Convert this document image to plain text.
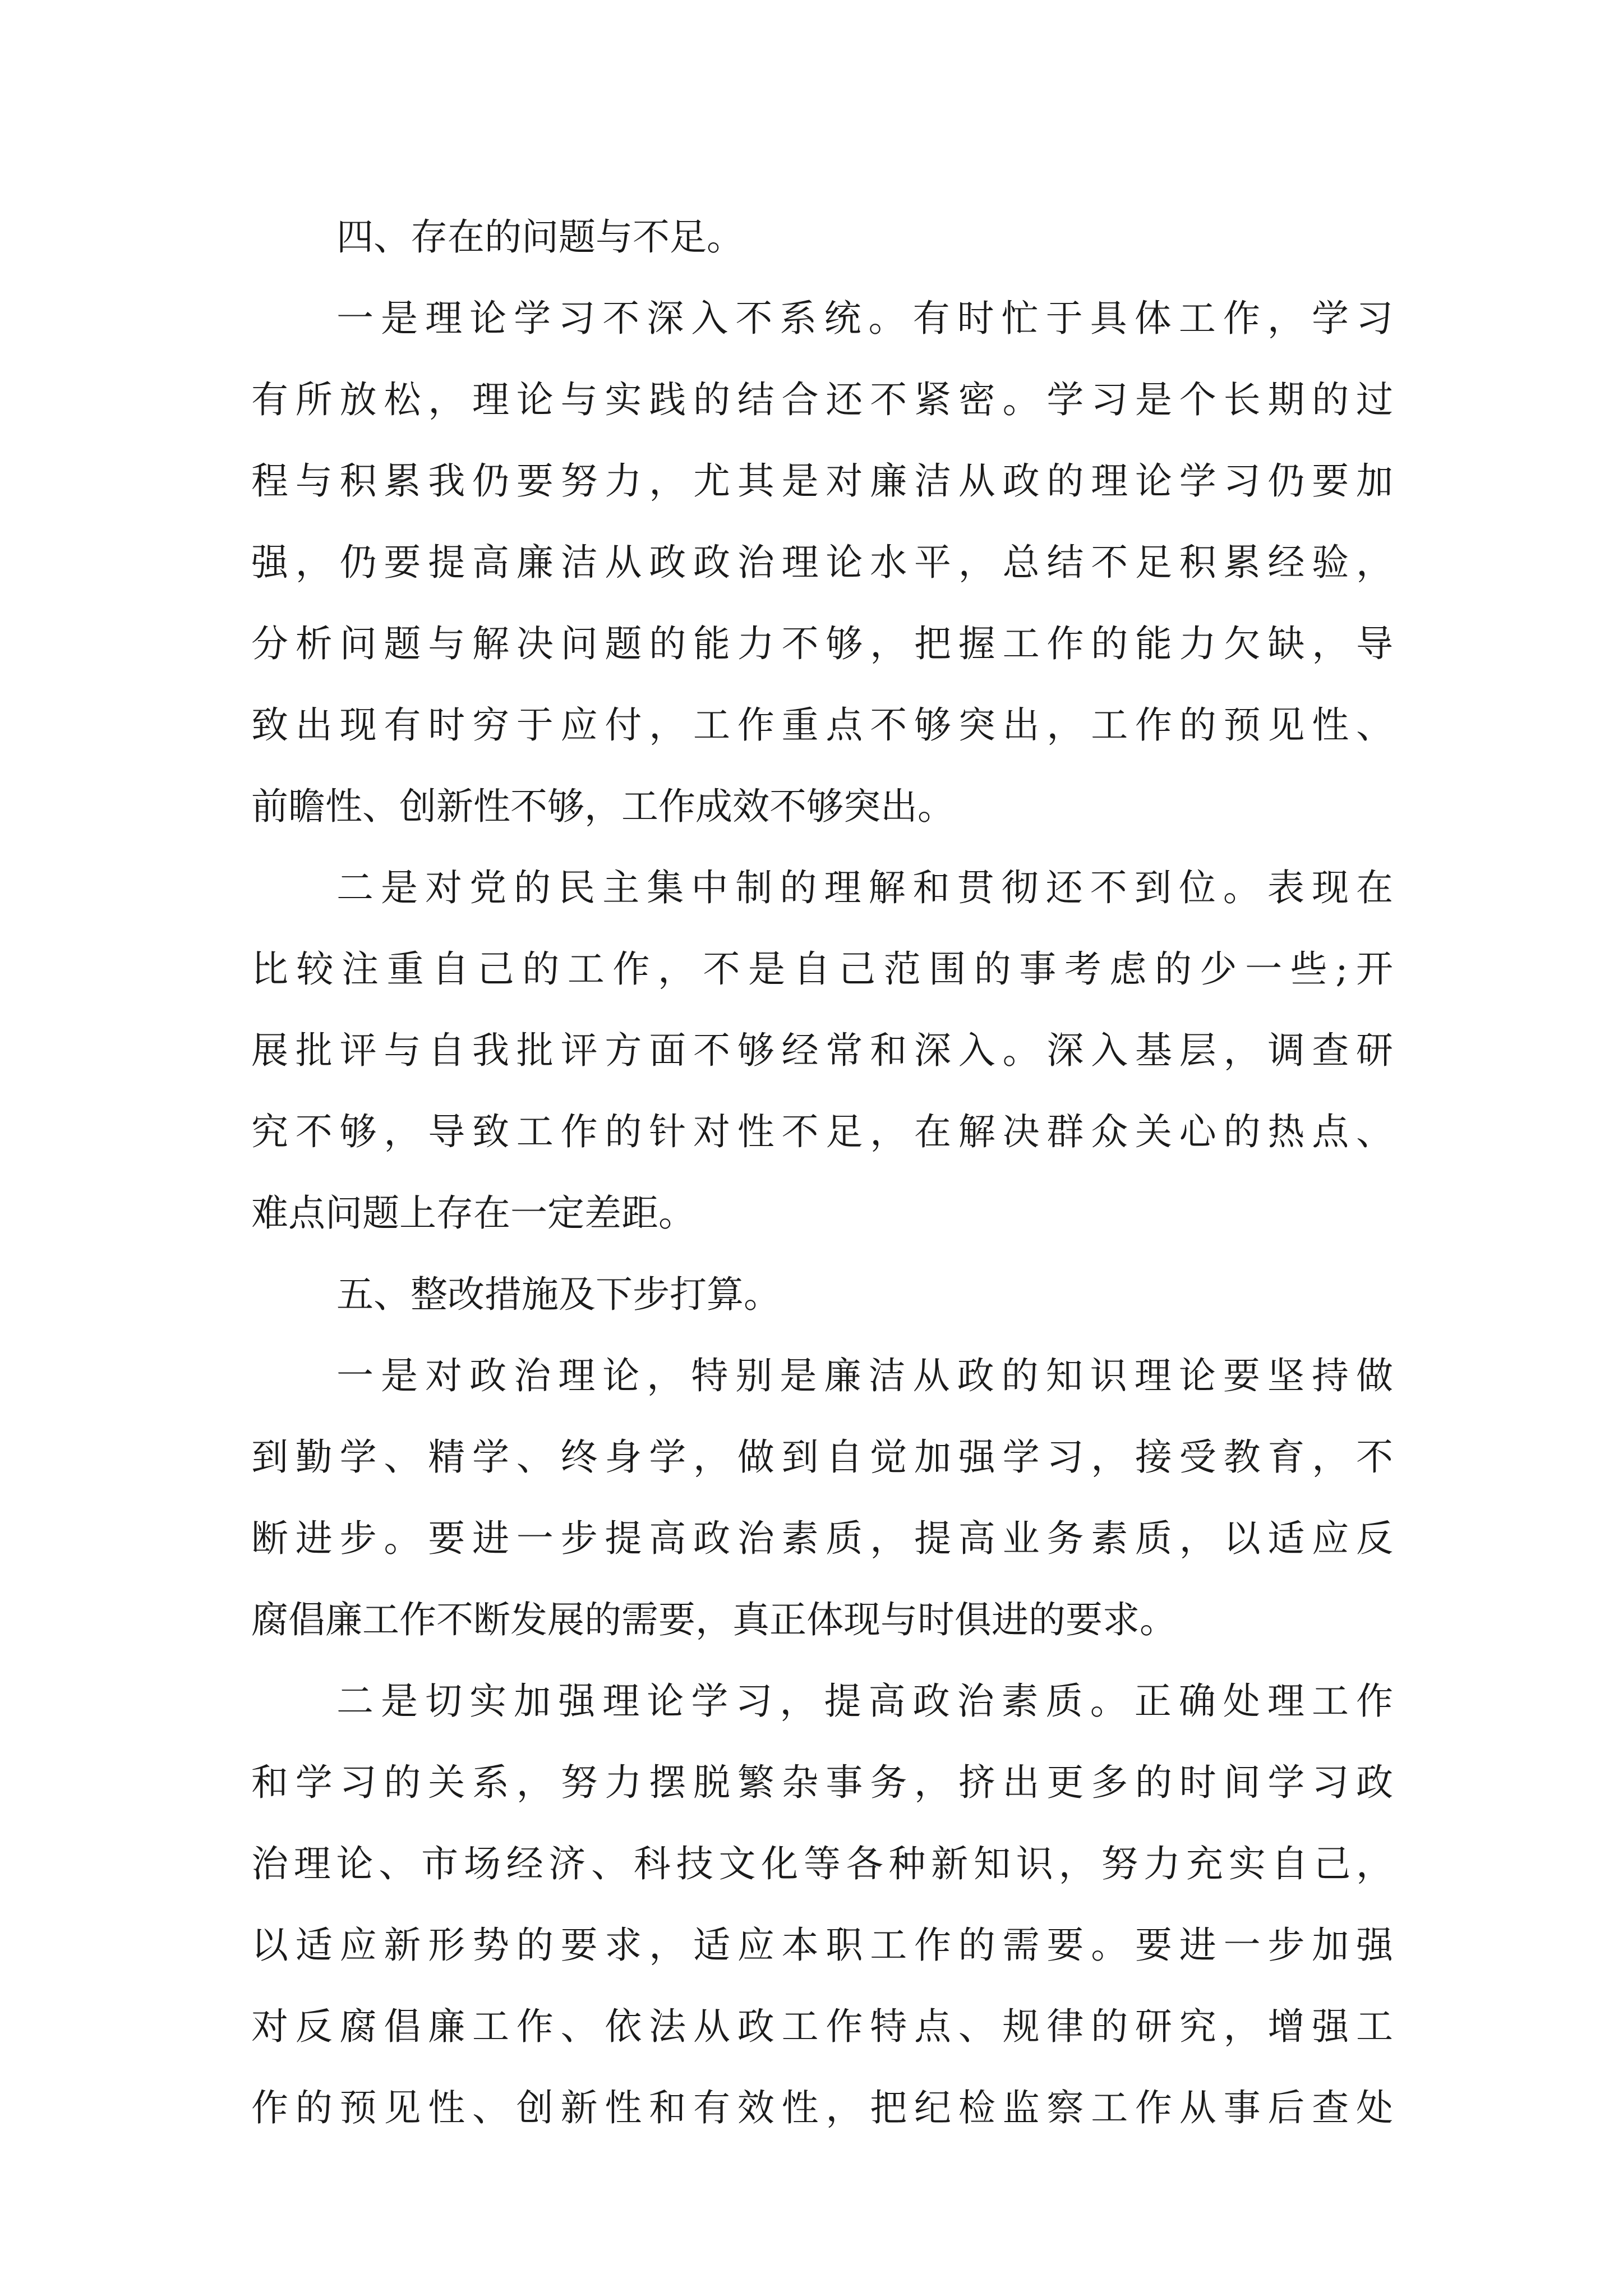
四、存在的问题与不足。

一是理论学习不深入不系统。有时忙于具体工作，学习

有所放松，理论与实践的结合还不紧密。学习是个长期的过

程与积累我仍要努力，尤其是对廉洁从政的理论学习仍要加

强，仍要提高廉洁从政政治理论水平，总结不足积累经验，

分析问题与解决问题的能力不够，把握工作的能力欠缺，导

致出现有时穷于应付，工作重点不够突出，工作的预见性、

前瞻性、创新性不够，工作成效不够突出。

二是对党的民主集中制的理解和贯彻还不到位。表现在

比较注重自己的工作，不是自己范围的事考虑的少一些;开

展批评与自我批评方面不够经常和深入。深入基层，调查研

究不够，导致工作的针对性不足，在解决群众关心的热点、

难点问题上存在一定差距。

五、整改措施及下步打算。

一是对政治理论，特别是廉洁从政的知识理论要坚持做

到勤学、精学、终身学，做到自觉加强学习，接受教育，不

断进步。要进一步提高政治素质，提高业务素质，以适应反

腐倡廉工作不断发展的需要，真正体现与时俱进的要求。

二是切实加强理论学习，提高政治素质。正确处理工作

和学习的关系，努力摆脱繁杂事务，挤出更多的时间学习政

治理论、市场经济、科技文化等各种新知识，努力充实自己，

以适应新形势的要求，适应本职工作的需要。要进一步加强

对反腐倡廉工作、依法从政工作特点、规律的研究，增强工

作的预见性、创新性和有效性，把纪检监察工作从事后查处
